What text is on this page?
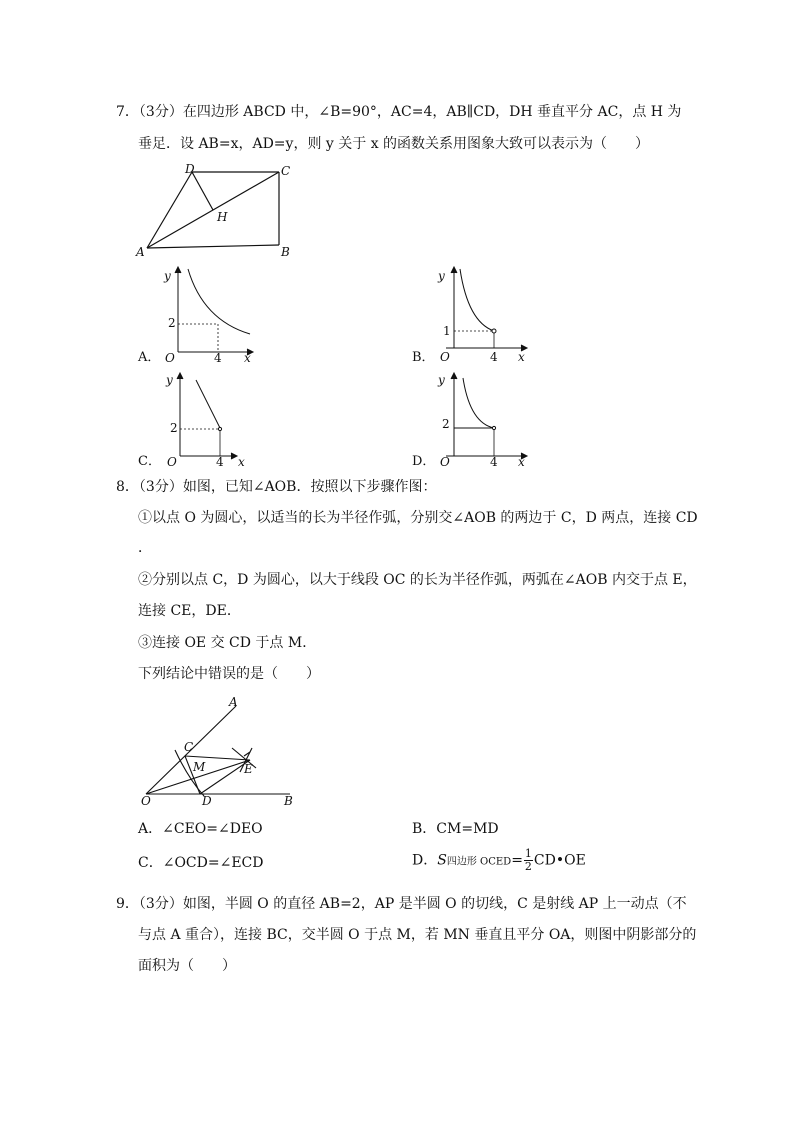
7．（3分）在四边形 ABCD 中，∠B=90°，AC=4，AB∥CD，DH 垂直平分 AC，点 H 为
垂足．设 AB=x，AD=y，则 y 关于 x 的函数关系用图象大致可以表示为（　　）
D	C
H
A	B
A．
y
2
O	4 x	B．
y
1
O	4 x
C．
y
2
O	4 x	D．
y
2
O	4 x
8．（3分）如图，已知∠AOB．按照以下步骤作图：
①以点 O 为圆心，以适当的长为半径作弧，分别交∠AOB 的两边于 C，D 两点，连接 CD
．
②分别以点 C，D 为圆心，以大于线段 OC 的长为半径作弧，两弧在∠AOB 内交于点 E，
连接 CE，DE．
③连接 OE 交 CD 于点 M．
下列结论中错误的是（　　）
A
C
M	E
O	D	B
A．∠CEO=∠DEO	B．CM=MD
C．∠OCD=∠ECD	D．S四边形 OCED= $\frac{1}{2}$ CD•OE
9．（3分）如图，半圆 O 的直径 AB=2，AP 是半圆 O 的切线，C 是射线 AP 上一动点（不
与点 A 重合），连接 BC，交半圆 O 于点 M，若 MN 垂直且平分 OA，则图中阴影部分的
面积为（　　）
